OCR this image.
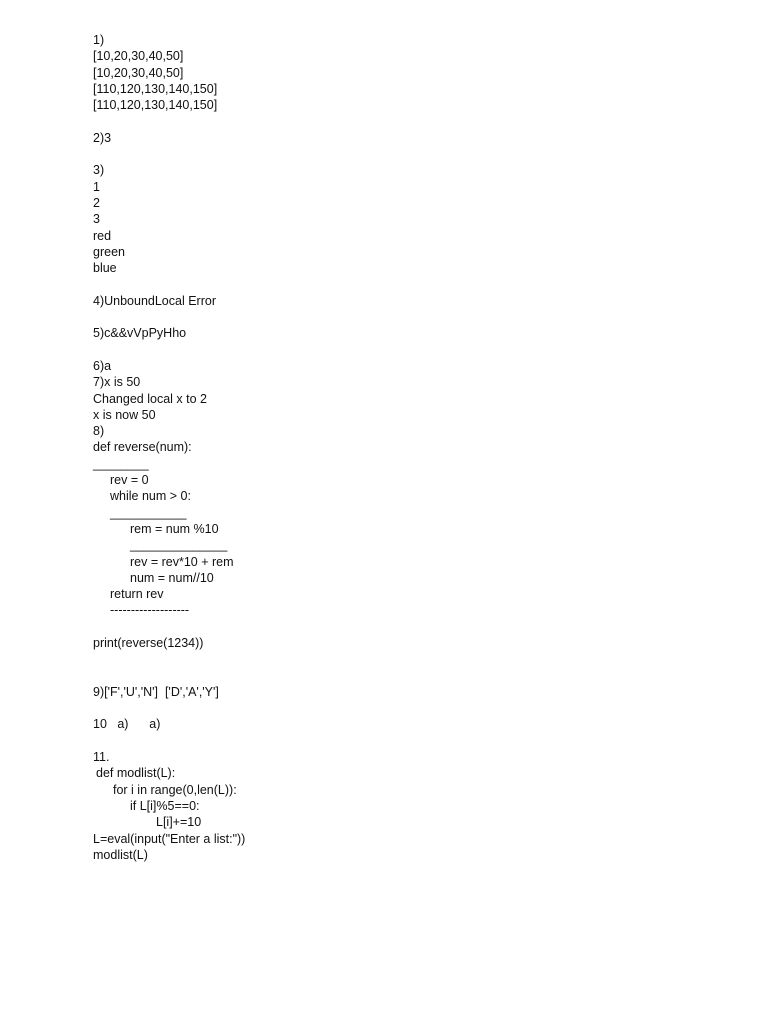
1)
[10,20,30,40,50]
[10,20,30,40,50]
[110,120,130,140,150]
[110,120,130,140,150]
2)3
3)
1
2
3
red
green
blue
4)UnboundLocal Error
5)c&&vVpPyHho
6)a
7)x is 50
Changed local x to 2
x is now 50
8)
def reverse(num):
________
rev = 0
while num > 0:
___________
rem = num %10
______________
rev = rev*10 + rem
num = num//10
return rev
-------------------
print(reverse(1234))
9)['F','U','N']  ['D','A','Y']
10   a)      a)
11.
def modlist(L):
for i in range(0,len(L)):
if L[i]%5==0:
L[i]+=10
L=eval(input("Enter a list:"))
modlist(L)
